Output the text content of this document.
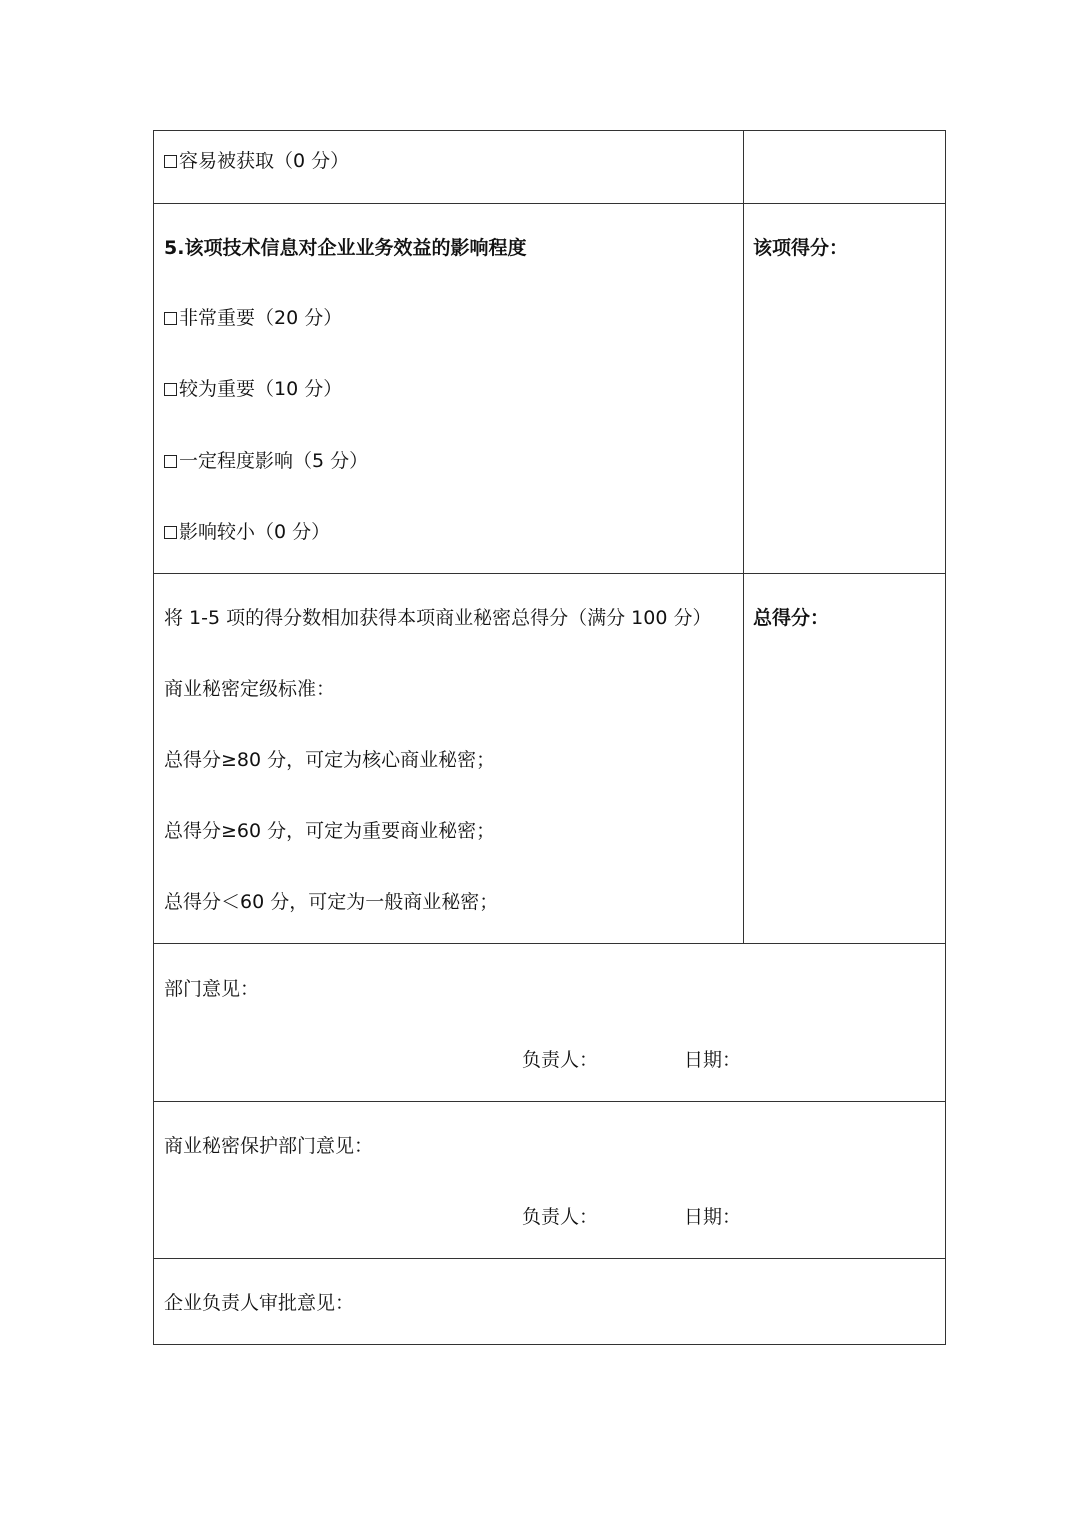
容易被获取（0 分）
5.该项技术信息对企业业务效益的影响程度	该项得分：
非常重要（20 分）
较为重要（10 分）
一定程度影响（5 分）
影响较小（0 分）
将 1-5 项的得分数相加获得本项商业秘密总得分（满分 100 分） 总得分：
商业秘密定级标准：
总得分≥80 分，可定为核心商业秘密；
总得分≥60 分，可定为重要商业秘密；
总得分＜60 分，可定为一般商业秘密；
部门意见：
负责人：	日期：
商业秘密保护部门意见：
负责人：	日期：
企业负责人审批意见：
